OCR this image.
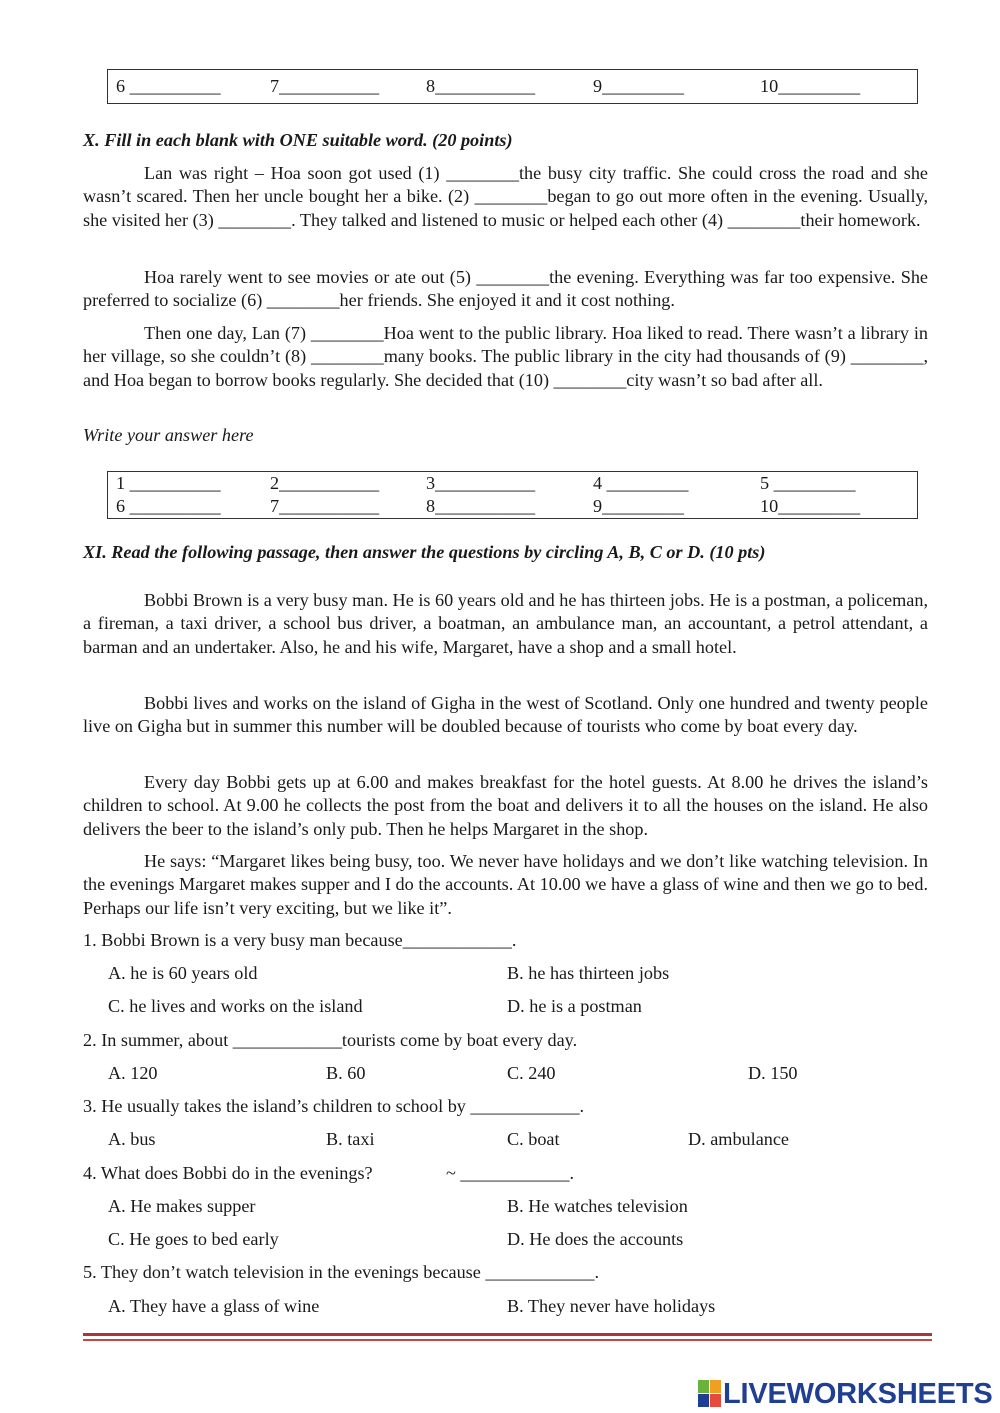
6 __________	7___________	8___________	9_________	10_________
X. Fill in each blank with ONE suitable word. (20 points)

Lan was right – Hoa soon got used (1) ________the busy city traffic. She could cross the road and she wasn’t scared. Then her uncle bought her a bike. (2) ________began to go out more often in the evening. Usually, she visited her (3) ________. They talked and listened to music or helped each other (4) ________their homework.

Hoa rarely went to see movies or ate out (5) ________the evening. Everything was far too expensive. She preferred to socialize (6) ________her friends. She enjoyed it and it cost nothing.

Then one day, Lan (7) ________Hoa went to the public library. Hoa liked to read. There wasn’t a library in her village, so she couldn’t (8) ________many books. The public library in the city had thousands of (9) ________, and Hoa began to borrow books regularly. She decided that (10) ________city wasn’t so bad after all.

Write your answer here
1 __________	2___________	3___________	4 _________	5 _________
6 __________	7___________	8___________	9_________	10_________
XI. Read the following passage, then answer the questions by circling A, B, C or D. (10 pts)

Bobbi Brown is a very busy man. He is 60 years old and he has thirteen jobs. He is a postman, a policeman, a fireman, a taxi driver, a school bus driver, a boatman, an ambulance man, an accountant, a petrol attendant, a barman and an undertaker. Also, he and his wife, Margaret, have a shop and a small hotel.

Bobbi lives and works on the island of Gigha in the west of Scotland. Only one hundred and twenty people live on Gigha but in summer this number will be doubled because of tourists who come by boat every day.

Every day Bobbi gets up at 6.00 and makes breakfast for the hotel guests. At 8.00 he drives the island’s children to school. At 9.00 he collects the post from the boat and delivers it to all the houses on the island. He also delivers the beer to the island’s only pub. Then he helps Margaret in the shop.

He says: “Margaret likes being busy, too. We never have holidays and we don’t like watching television. In the evenings Margaret makes supper and I do the accounts. At 10.00 we have a glass of wine and then we go to bed. Perhaps our life isn’t very exciting, but we like it”.

1. Bobbi Brown is a very busy man because____________.
A. he is 60 years old	B. he has thirteen jobs
C. he lives and works on the island	D. he is a postman
2. In summer, about ____________tourists come by boat every day.
A. 120	B. 60	C. 240	D. 150
3. He usually takes the island’s children to school by ____________.
A. bus	B. taxi	C. boat	D. ambulance
4. What does Bobbi do in the evenings?	~ ____________.
A. He makes supper	B. He watches television
C. He goes to bed early	D. He does the accounts
5. They don’t watch television in the evenings because ____________.
A. They have a glass of wine	B. They never have holidays
LIVEWORKSHEETS
